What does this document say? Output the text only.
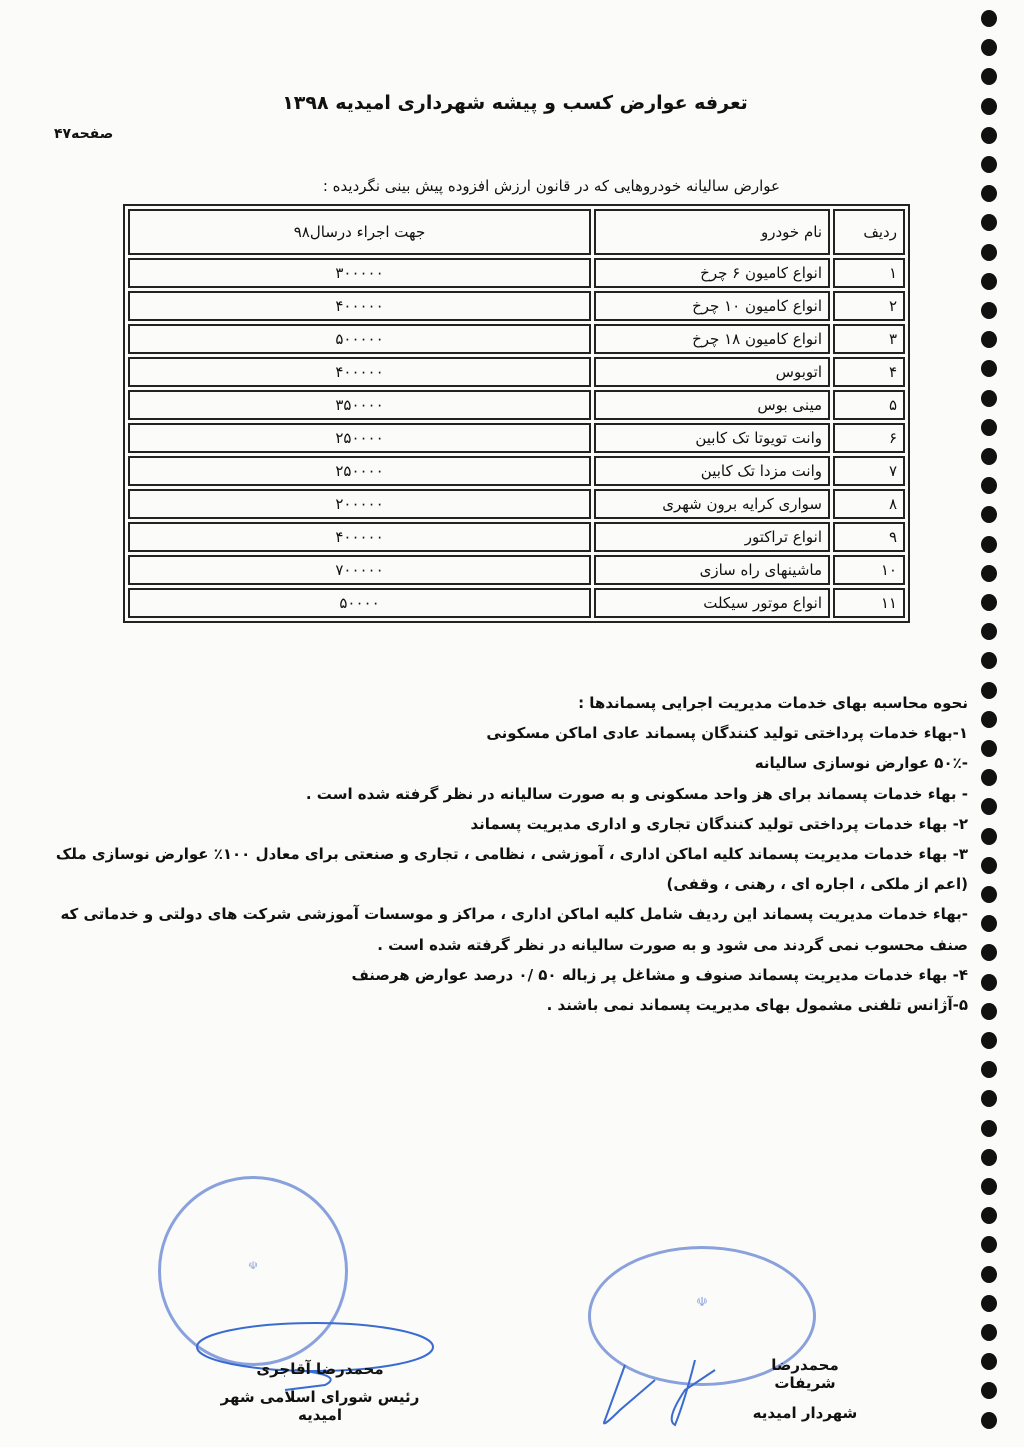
تعرفه عوارض کسب و پیشه شهرداری امیدیه ۱۳۹۸
صفحه۴۷
عوارض سالیانه خودروهایی که در قانون ارزش افزوده پیش بینی نگردیده :
ردیف	نام خودرو	جهت اجراء درسال۹۸
۱	انواع کامیون ۶ چرخ	۳۰۰۰۰۰
۲	انواع کامیون ۱۰ چرخ	۴۰۰۰۰۰
۳	انواع کامیون ۱۸ چرخ	۵۰۰۰۰۰
۴	اتوبوس	۴۰۰۰۰۰
۵	مینی بوس	۳۵۰۰۰۰
۶	وانت تویوتا تک کابین	۲۵۰۰۰۰
۷	وانت مزدا تک کابین	۲۵۰۰۰۰
۸	سواری کرایه برون شهری	۲۰۰۰۰۰
۹	انواع تراکتور	۴۰۰۰۰۰
۱۰	ماشینهای راه سازی	۷۰۰۰۰۰
۱۱	انواع موتور سیکلت	۵۰۰۰۰
نحوه محاسبه بهای خدمات مدیریت اجرایی پسماندها :
۱-بهاء خدمات پرداختی تولید کنندگان پسماند عادی اماکن مسکونی
-۵۰٪ عوارض نوسازی سالیانه
- بهاء خدمات پسماند برای هز واحد مسکونی و به صورت سالیانه در نظر گرفته شده است .
۲- بهاء خدمات پرداختی تولید کنندگان تجاری و اداری مدیریت پسماند
۳- بهاء خدمات مدیریت پسماند کلیه اماکن اداری ، آموزشی ، نظامی ، تجاری و صنعتی برای معادل ۱۰۰٪ عوارض نوسازی ملک (اعم از ملکی ، اجاره ای ، رهنی ، وقفی)
-بهاء خدمات مدیریت پسماند این ردیف شامل کلیه اماکن اداری ، مراکز و موسسات آموزشی شرکت های دولتی و خدماتی که صنف محسوب نمی گردند می شود و به صورت سالیانه در نظر گرفته شده است .
۴- بهاء خدمات مدیریت پسماند صنوف و مشاغل پر زباله ۵۰ /۰ درصد عوارض هرصنف
۵-آژانس تلفنی مشمول بهای مدیریت پسماند نمی باشند .
☫
☫
محمدرضا آقاجری
رئیس شورای اسلامی شهر امیدیه
محمدرضا شریفات
شهردار امیدیه
